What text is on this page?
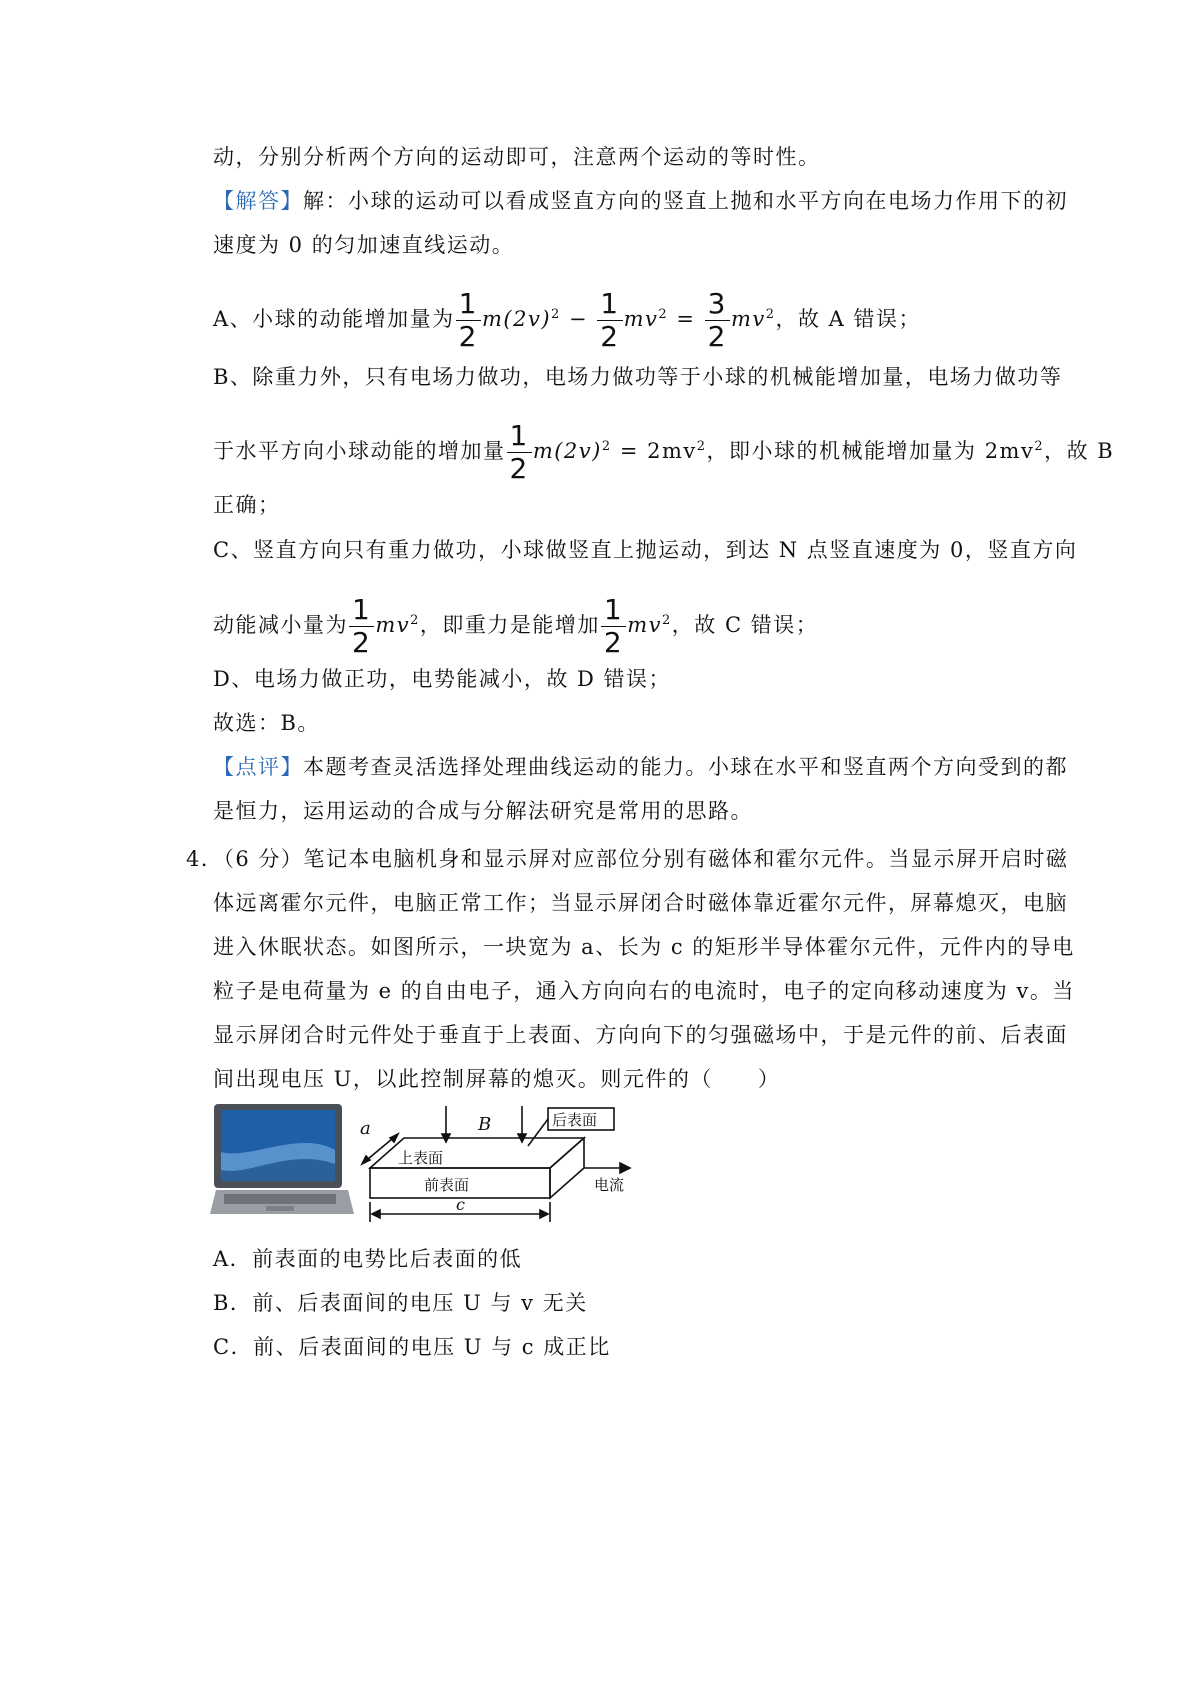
动，分别分析两个方向的运动即可，注意两个运动的等时性。
【解答】解：小球的运动可以看成竖直方向的竖直上抛和水平方向在电场力作用下的初
速度为 0 的匀加速直线运动。
A、小球的动能增加量为 $\frac{1}{2} m(2v)^2 - \frac{1}{2} mv^2 = \frac{3}{2} mv^2$，故 A 错误；
B、除重力外，只有电场力做功，电场力做功等于小球的机械能增加量，电场力做功等
于水平方向小球动能的增加量 $\frac{1}{2} m(2v)^2 = 2mv^2$，即小球的机械能增加量为 $2mv^2$，故 B
正确；
C、竖直方向只有重力做功，小球做竖直上抛运动，到达 N 点竖直速度为 0，竖直方向
动能减小量为 $\frac{1}{2} mv^2$，即重力是能增加 $\frac{1}{2} mv^2$，故 C 错误；
D、电场力做正功，电势能减小，故 D 错误；
故选：B。
【点评】本题考查灵活选择处理曲线运动的能力。小球在水平和竖直两个方向受到的都
是恒力，运用运动的合成与分解法研究是常用的思路。
4．（6 分）笔记本电脑机身和显示屏对应部位分别有磁体和霍尔元件。当显示屏开启时磁
体远离霍尔元件，电脑正常工作；当显示屏闭合时磁体靠近霍尔元件，屏幕熄灭，电脑
进入休眠状态。如图所示，一块宽为 a、长为 c 的矩形半导体霍尔元件，元件内的导电
粒子是电荷量为 e 的自由电子，通入方向向右的电流时，电子的定向移动速度为 v。当
显示屏闭合时元件处于垂直于上表面、方向向下的匀强磁场中，于是元件的前、后表面
间出现电压 U，以此控制屏幕的熄灭。则元件的（　　）
a	B	后表面
上表面
前表面	电流
c
A．前表面的电势比后表面的低
B．前、后表面间的电压 U 与 v 无关
C．前、后表面间的电压 U 与 c 成正比
